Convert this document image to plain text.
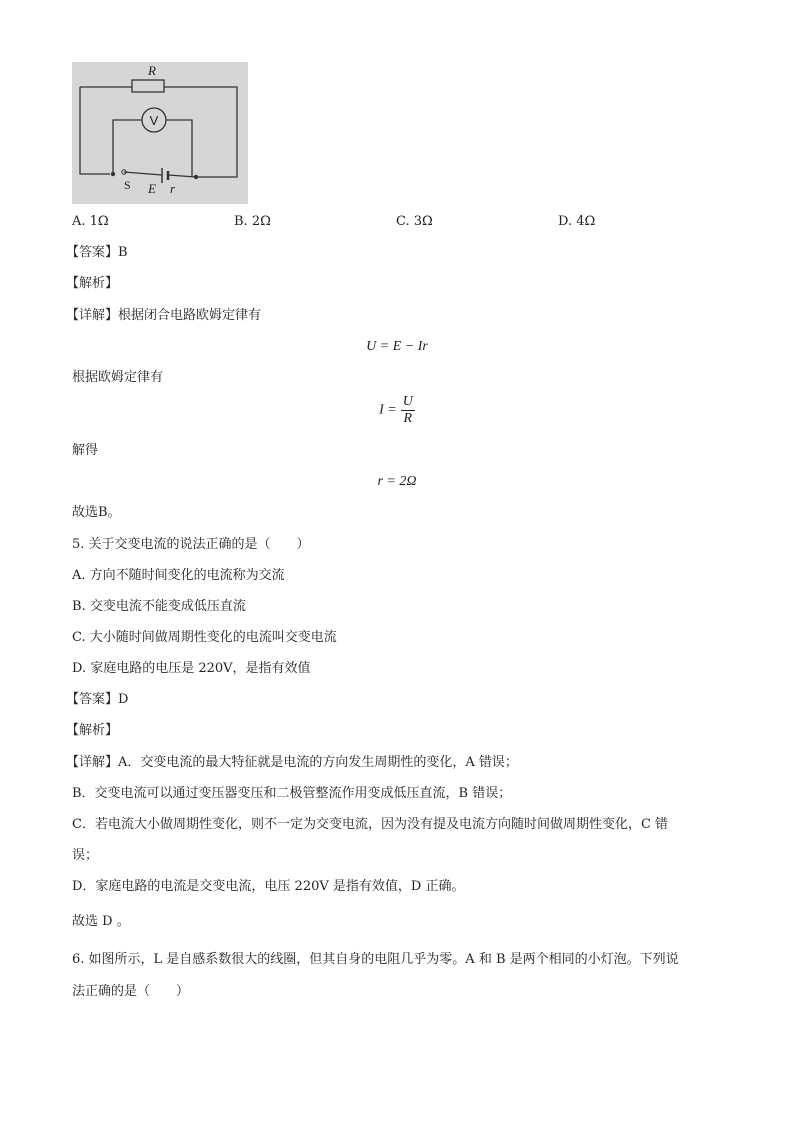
V
R
S E r
A. 1Ω	B. 2Ω	C. 3Ω	D. 4Ω
【答案】B
【解析】
【详解】根据闭合电路欧姆定律有
U = E − Ir
根据欧姆定律有
$I = \frac{U}{R}$
解得
r = 2Ω
故选B。
5. 关于交变电流的说法正确的是（　　）
A. 方向不随时间变化的电流称为交流
B. 交变电流不能变成低压直流
C. 大小随时间做周期性变化的电流叫交变电流
D. 家庭电路的电压是 220V，是指有效值
【答案】D
【解析】
【详解】A．交变电流的最大特征就是电流的方向发生周期性的变化，A 错误；
B．交变电流可以通过变压器变压和二极管整流作用变成低压直流，B 错误；
C．若电流大小做周期性变化，则不一定为交变电流，因为没有提及电流方向随时间做周期性变化，C 错
误；
D．家庭电路的电流是交变电流，电压 220V 是指有效值，D 正确。
故选 D 。
6. 如图所示，L 是自感系数很大的线圈，但其自身的电阻几乎为零。A 和 B 是两个相同的小灯泡。下列说
法正确的是（　　）
